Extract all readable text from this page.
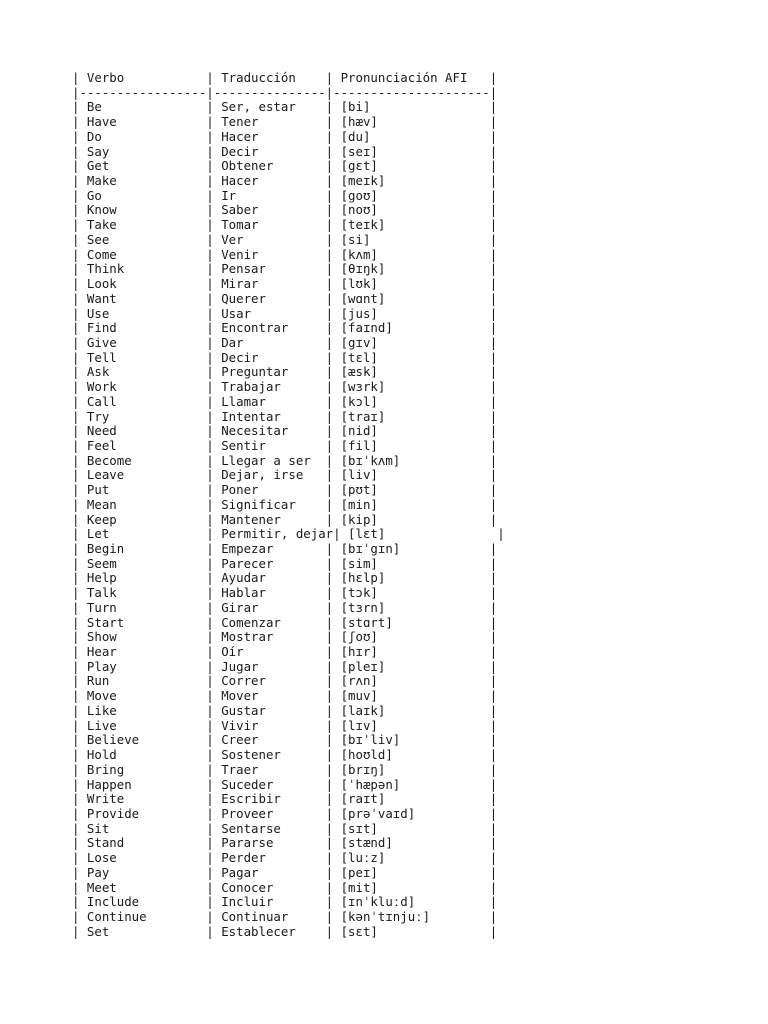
| Verbo           | Traducción    | Pronunciación AFI   |
|-----------------|---------------|---------------------|
| Be              | Ser, estar    | [bi]                |
| Have            | Tener         | [hæv]               |
| Do              | Hacer         | [du]                |
| Say             | Decir         | [seɪ]               |
| Get             | Obtener       | [gɛt]               |
| Make            | Hacer         | [meɪk]              |
| Go              | Ir            | [goʊ]               |
| Know            | Saber         | [noʊ]               |
| Take            | Tomar         | [teɪk]              |
| See             | Ver           | [si]                |
| Come            | Venir         | [kʌm]               |
| Think           | Pensar        | [θɪŋk]              |
| Look            | Mirar         | [lʊk]               |
| Want            | Querer        | [wɑnt]              |
| Use             | Usar          | [jus]               |
| Find            | Encontrar     | [faɪnd]             |
| Give            | Dar           | [gɪv]               |
| Tell            | Decir         | [tɛl]               |
| Ask             | Preguntar     | [æsk]               |
| Work            | Trabajar      | [wɜrk]              |
| Call            | Llamar        | [kɔl]               |
| Try             | Intentar      | [traɪ]              |
| Need            | Necesitar     | [nid]               |
| Feel            | Sentir        | [fil]               |
| Become          | Llegar a ser  | [bɪˈkʌm]            |
| Leave           | Dejar, irse   | [liv]               |
| Put             | Poner         | [pʊt]               |
| Mean            | Significar    | [min]               |
| Keep            | Mantener      | [kip]               |
| Let             | Permitir, dejar| [lɛt]               |
| Begin           | Empezar       | [bɪˈgɪn]            |
| Seem            | Parecer       | [sim]               |
| Help            | Ayudar        | [hɛlp]              |
| Talk            | Hablar        | [tɔk]               |
| Turn            | Girar         | [tɜrn]              |
| Start           | Comenzar      | [stɑrt]             |
| Show            | Mostrar       | [ʃoʊ]               |
| Hear            | Oír           | [hɪr]               |
| Play            | Jugar         | [pleɪ]              |
| Run             | Correr        | [rʌn]               |
| Move            | Mover         | [muv]               |
| Like            | Gustar        | [laɪk]              |
| Live            | Vivir         | [lɪv]               |
| Believe         | Creer         | [bɪˈliv]            |
| Hold            | Sostener      | [hoʊld]             |
| Bring           | Traer         | [brɪŋ]              |
| Happen          | Suceder       | [ˈhæpən]            |
| Write           | Escribir      | [raɪt]              |
| Provide         | Proveer       | [prəˈvaɪd]          |
| Sit             | Sentarse      | [sɪt]               |
| Stand           | Pararse       | [stænd]             |
| Lose            | Perder        | [luːz]              |
| Pay             | Pagar         | [peɪ]               |
| Meet            | Conocer       | [mit]               |
| Include         | Incluir       | [ɪnˈkluːd]          |
| Continue        | Continuar     | [kənˈtɪnjuː]        |
| Set             | Establecer    | [sɛt]               |
